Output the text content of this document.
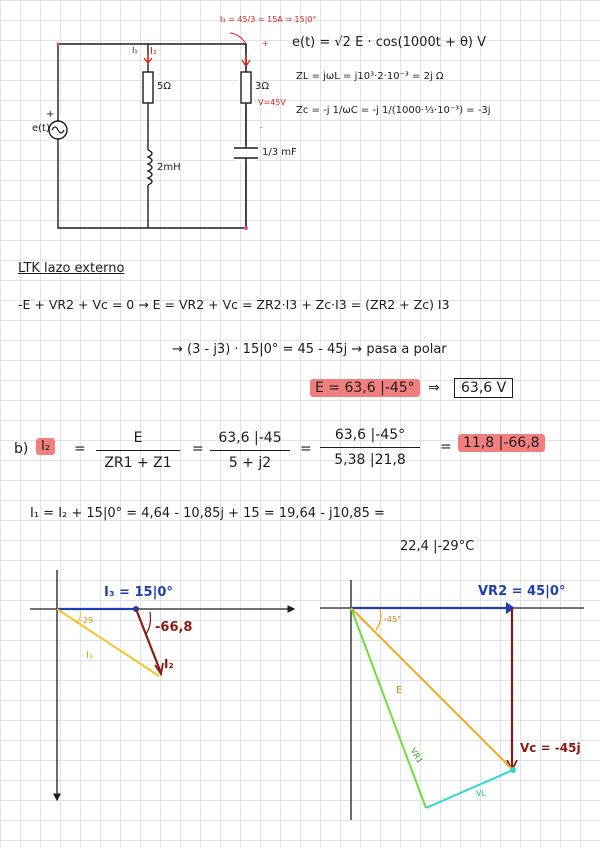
e(t)
+
5Ω
2mH
3Ω
1/3 mF
I₁ I₂
I₃ = 45/3 = 15A ⇒ 15|0°
V=45V
+
-
e(t) = √2 E · cos(1000t + θ) V
ZL = jωL = j10³·2·10⁻³ = 2j Ω
Zc = -j 1/ωC = -j 1/(1000·⅓·10⁻³) = -3j
LTK lazo externo
-E + VR2 + Vc = 0 → E = VR2 + Vc = ZR2·I3 + Zc·I3 = (ZR2 + Zc) I3
→ (3 - j3) · 15|0° = 45 - 45j → pasa a polar
E = 63,6 |-45° ⇒	63,6 V
b) I₂	=
E
ZR1 + Z1
=
63,6 |-45
5 + j2
=
63,6 |-45°
5,38 |21,8
= 11,8 |-66,8
I₁ = I₂ + 15|0° = 4,64 - 10,85j + 15 = 19,64 - j10,85 =
22,4 |-29°C
I₃ = 15|0°
-66,8
-29
I₁
I₂
VR2 = 45|0°
-45°
E
VR1
VL
Vc = -45j
